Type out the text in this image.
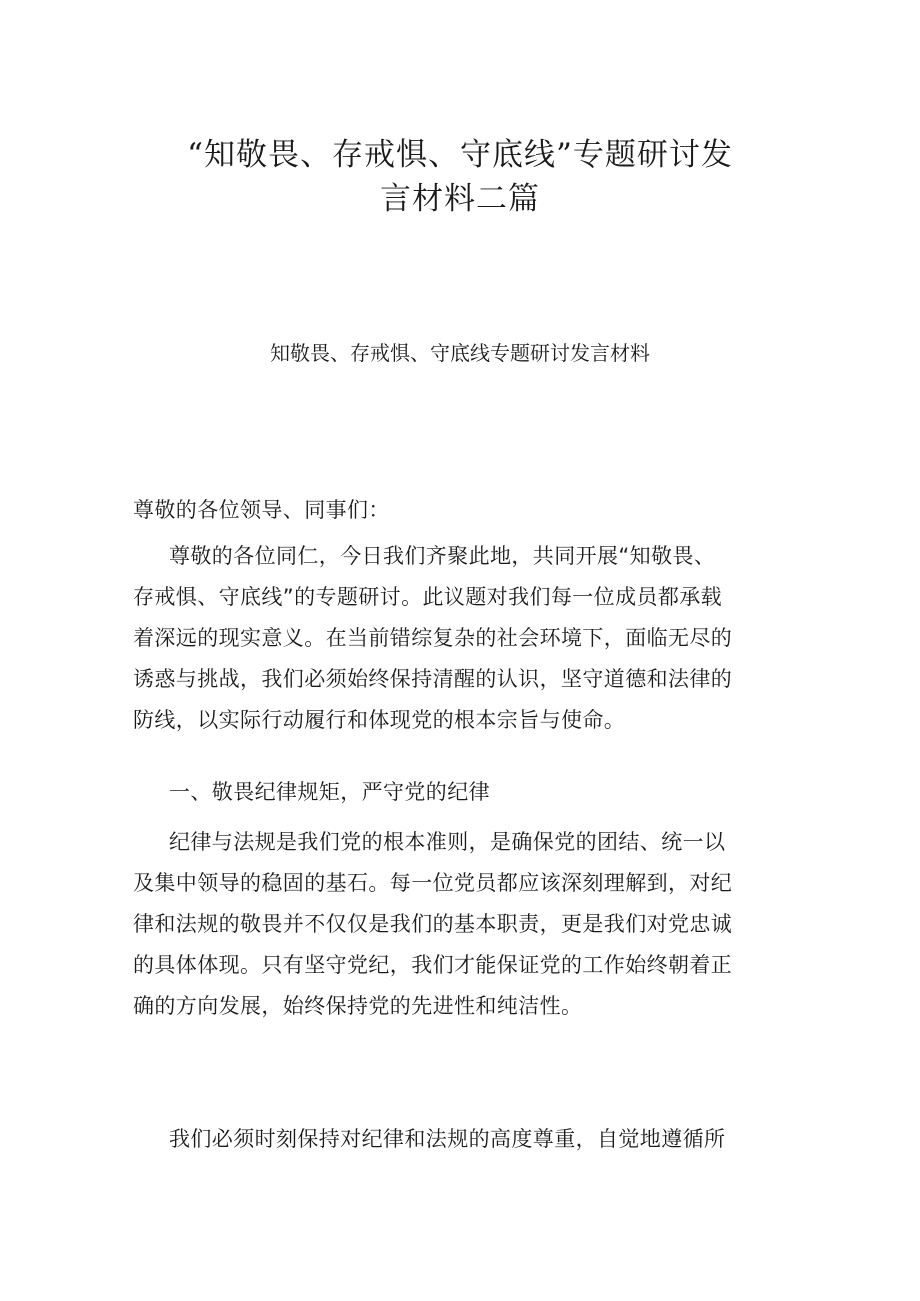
“知敬畏、存戒惧、守底线”专题研讨发
言材料二篇
知敬畏、存戒惧、守底线专题研讨发言材料

尊敬的各位领导、同事们：

尊敬的各位同仁，今日我们齐聚此地，共同开展“知敬畏、
存戒惧、守底线”的专题研讨。此议题对我们每一位成员都承载
着深远的现实意义。在当前错综复杂的社会环境下，面临无尽的
诱惑与挑战，我们必须始终保持清醒的认识，坚守道德和法律的
防线，以实际行动履行和体现党的根本宗旨与使命。

一、敬畏纪律规矩，严守党的纪律

纪律与法规是我们党的根本准则，是确保党的团结、统一以
及集中领导的稳固的基石。每一位党员都应该深刻理解到，对纪
律和法规的敬畏并不仅仅是我们的基本职责，更是我们对党忠诚
的具体体现。只有坚守党纪，我们才能保证党的工作始终朝着正
确的方向发展，始终保持党的先进性和纯洁性。

我们必须时刻保持对纪律和法规的高度尊重，自觉地遵循所
